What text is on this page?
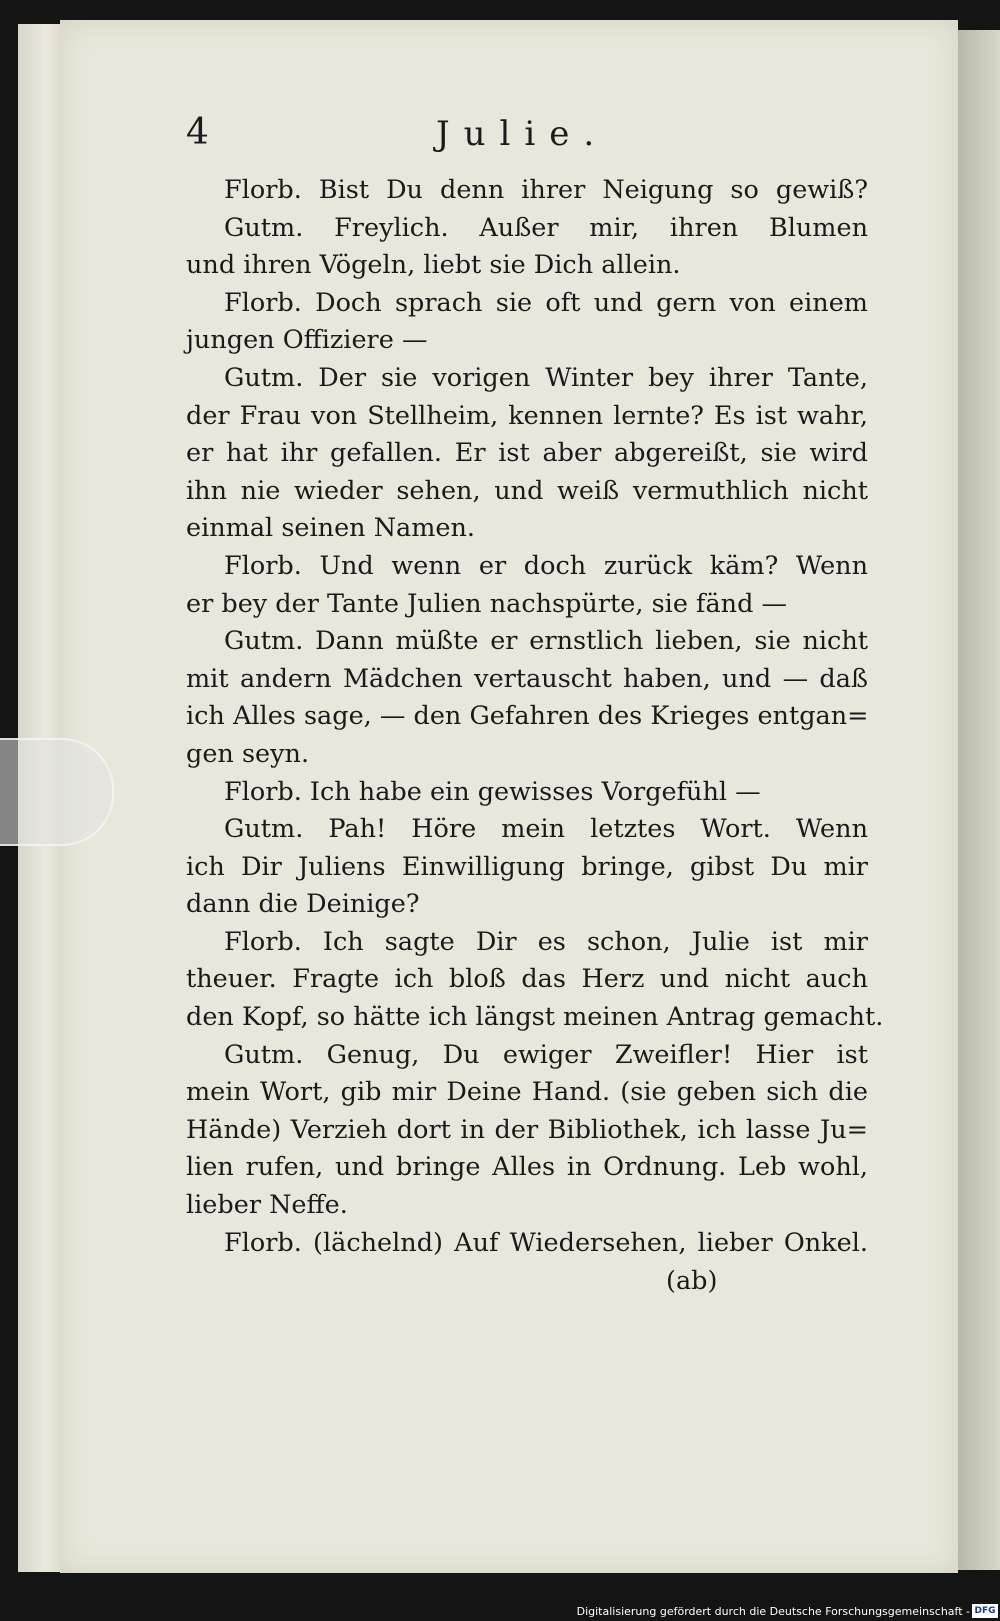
4	Julie.
Florb. Bist Du denn ihrer Neigung so gewiß?
Gutm. Freylich. Außer mir, ihren Blumen
und ihren Vögeln, liebt sie Dich allein.
Florb. Doch sprach sie oft und gern von einem
jungen Offiziere —
Gutm. Der sie vorigen Winter bey ihrer Tante,
der Frau von Stellheim, kennen lernte? Es ist wahr,
er hat ihr gefallen. Er ist aber abgereißt, sie wird
ihn nie wieder sehen, und weiß vermuthlich nicht
einmal seinen Namen.
Florb. Und wenn er doch zurück käm? Wenn
er bey der Tante Julien nachspürte, sie fänd —
Gutm. Dann müßte er ernstlich lieben, sie nicht
mit andern Mädchen vertauscht haben, und — daß
ich Alles sage, — den Gefahren des Krieges entgan=
gen seyn.
Florb. Ich habe ein gewisses Vorgefühl —
Gutm. Pah! Höre mein letztes Wort. Wenn
ich Dir Juliens Einwilligung bringe, gibst Du mir
dann die Deinige?
Florb. Ich sagte Dir es schon, Julie ist mir
theuer. Fragte ich bloß das Herz und nicht auch
den Kopf, so hätte ich längst meinen Antrag gemacht.
Gutm. Genug, Du ewiger Zweifler! Hier ist
mein Wort, gib mir Deine Hand. (sie geben sich die
Hände) Verzieh dort in der Bibliothek, ich lasse Ju=
lien rufen, und bringe Alles in Ordnung. Leb wohl,
lieber Neffe.
Florb. (lächelnd) Auf Wiedersehen, lieber Onkel.
(ab)
Digitalisierung gefördert durch die Deutsche Forschungsgemeinschaft - DFG
